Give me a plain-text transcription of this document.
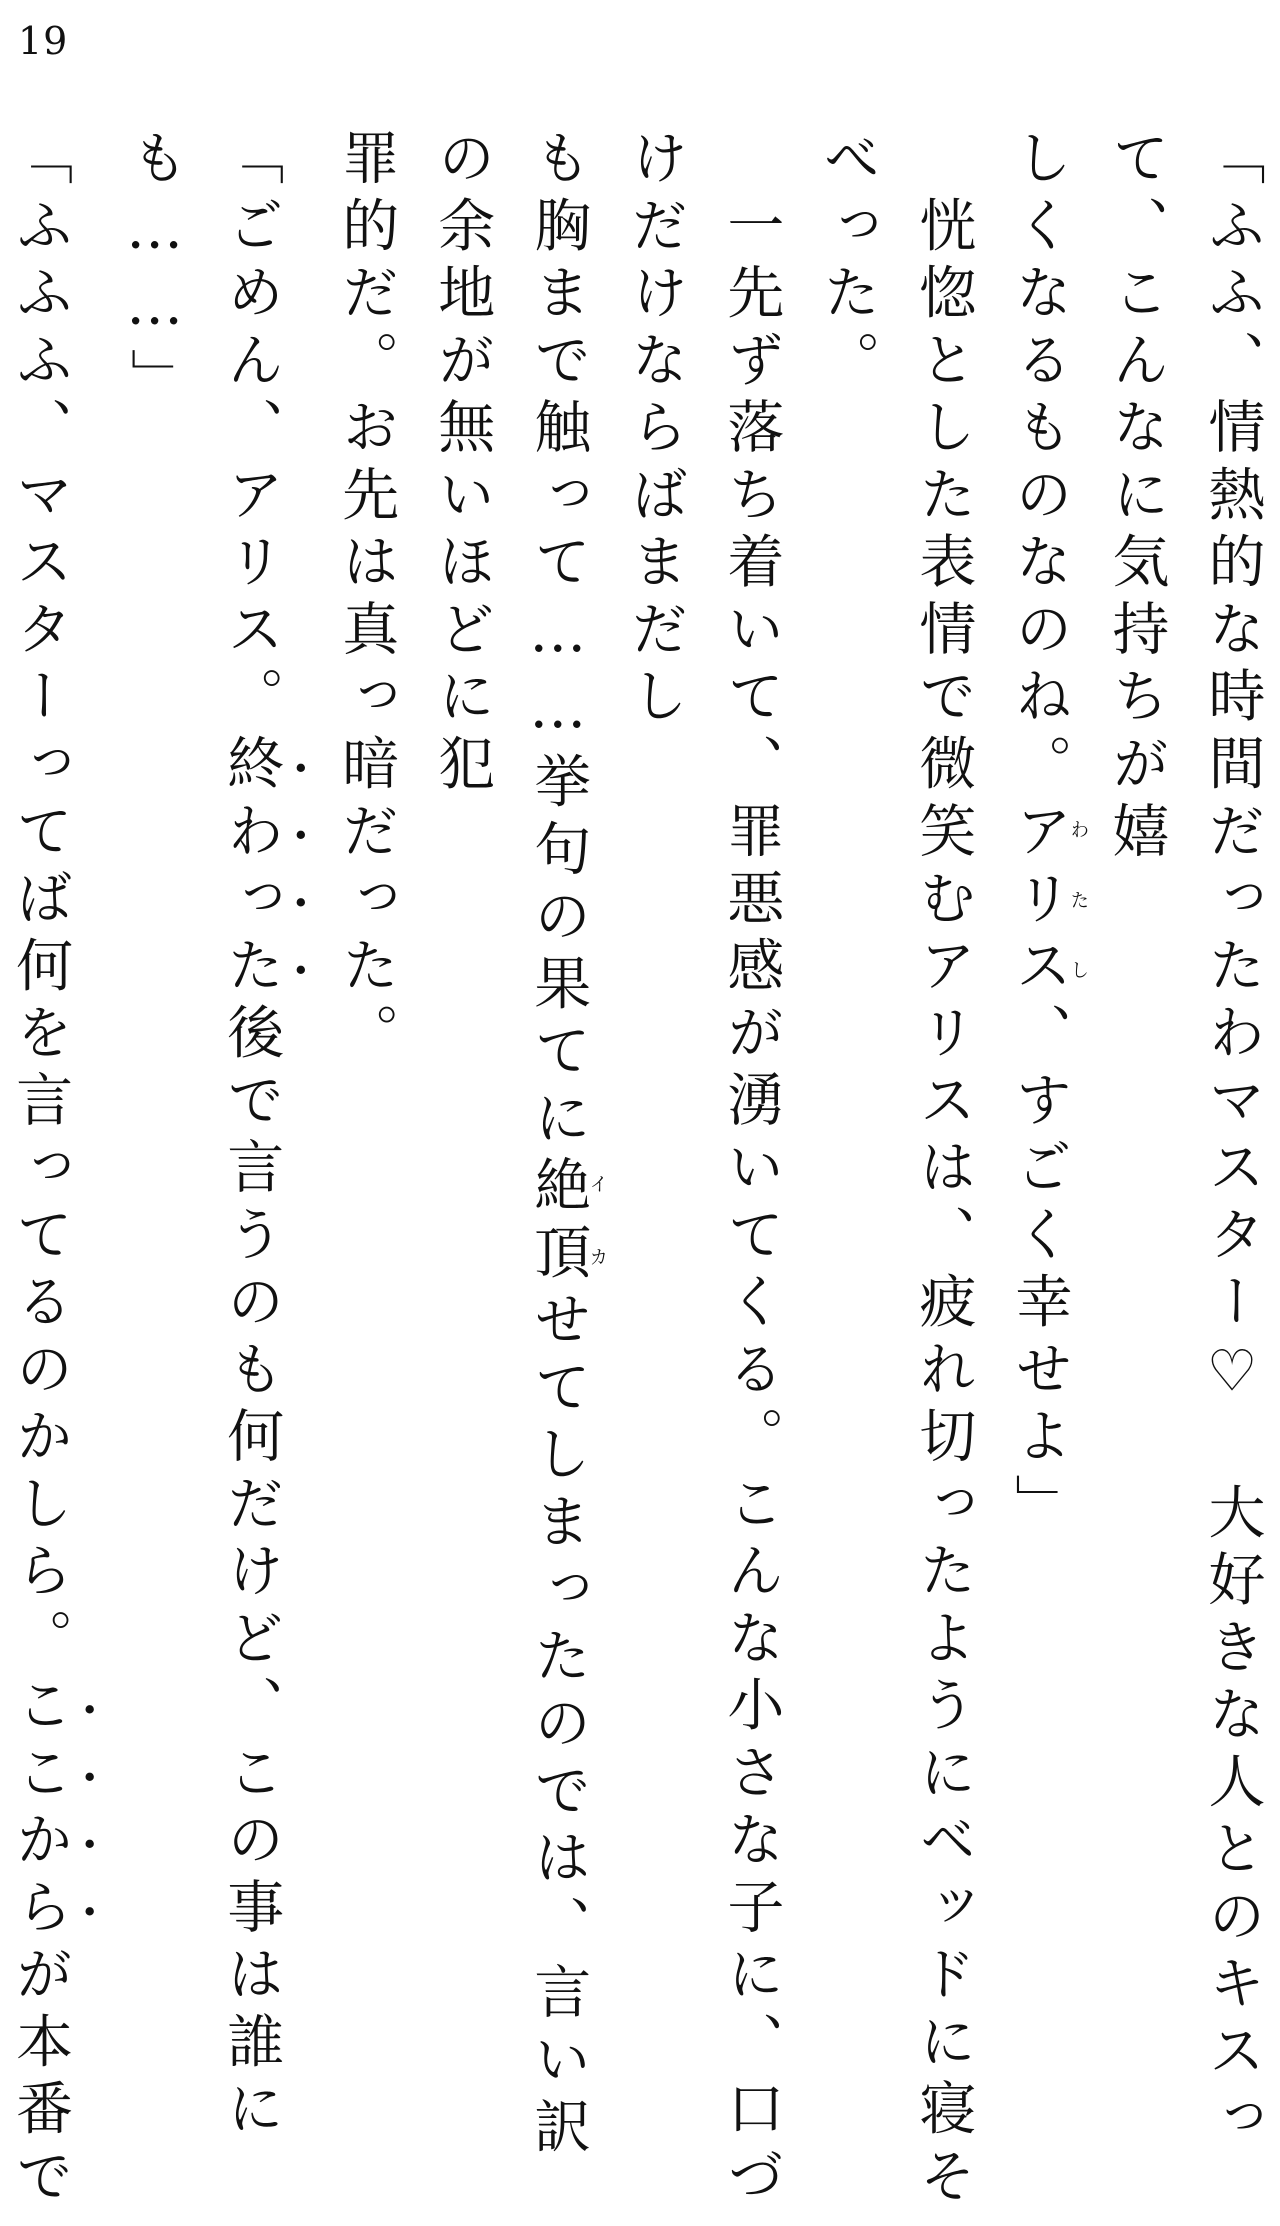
19
「ふふ、情熱的な時間だったわマスター♡　大好きな人とのキスって、こんなに気持ちが嬉
しくなるものなのね。アリスわたし、すごく幸せよ」
　恍惚とした表情で微笑むアリスは、疲れ切ったようにベッドに寝そべった。
　一先ず落ち着いて、罪悪感が湧いてくる。こんな小さな子に、口づけだけならばまだし
も胸まで触って……挙句の果てに絶頂イカせてしまったのでは、言い訳の余地が無いほどに犯
罪的だ。お先は真っ暗だった。
「ごめん、アリス。終わった後で言うのも何だけど、この事は誰にも……」
「ふふふ、マスターってば何を言ってるのかしら。ここからが本番で
